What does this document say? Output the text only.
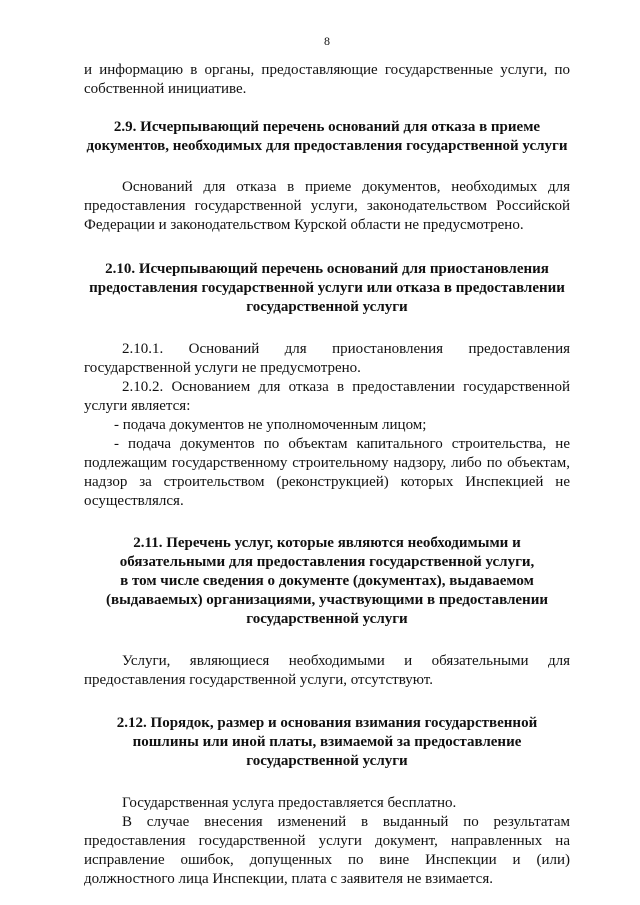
8

и информацию в органы, предоставляющие государственные услуги, по собственной инициативе.

2.9. Исчерпывающий перечень оснований для отказа в приеме документов, необходимых для предоставления государственной услуги

Оснований для отказа в приеме документов, необходимых для предоставления государственной услуги, законодательством Российской Федерации и законодательством Курской области не предусмотрено.

2.10. Исчерпывающий перечень оснований для приостановления предоставления государственной услуги или отказа в предоставлении государственной услуги

2.10.1. Оснований для приостановления предоставления государственной услуги не предусмотрено.

2.10.2. Основанием для отказа в предоставлении государственной услуги является:

- подача документов не уполномоченным лицом;

- подача документов по объектам капитального строительства, не подлежащим государственному строительному надзору, либо по объектам, надзор за строительством (реконструкцией) которых Инспекцией не осуществлялся.

2.11. Перечень услуг, которые являются необходимыми и
обязательными для предоставления государственной услуги,
в том числе сведения о документе (документах), выдаваемом
(выдаваемых) организациями, участвующими в предоставлении
государственной услуги

Услуги, являющиеся необходимыми и обязательными для предоставления государственной услуги, отсутствуют.

2.12. Порядок, размер и основания взимания государственной
пошлины или иной платы, взимаемой за предоставление
государственной услуги

Государственная услуга предоставляется бесплатно.

В случае внесения изменений в выданный по результатам предоставления государственной услуги документ, направленных на исправление ошибок, допущенных по вине Инспекции и (или) должностного лица Инспекции, плата с заявителя не взимается.
